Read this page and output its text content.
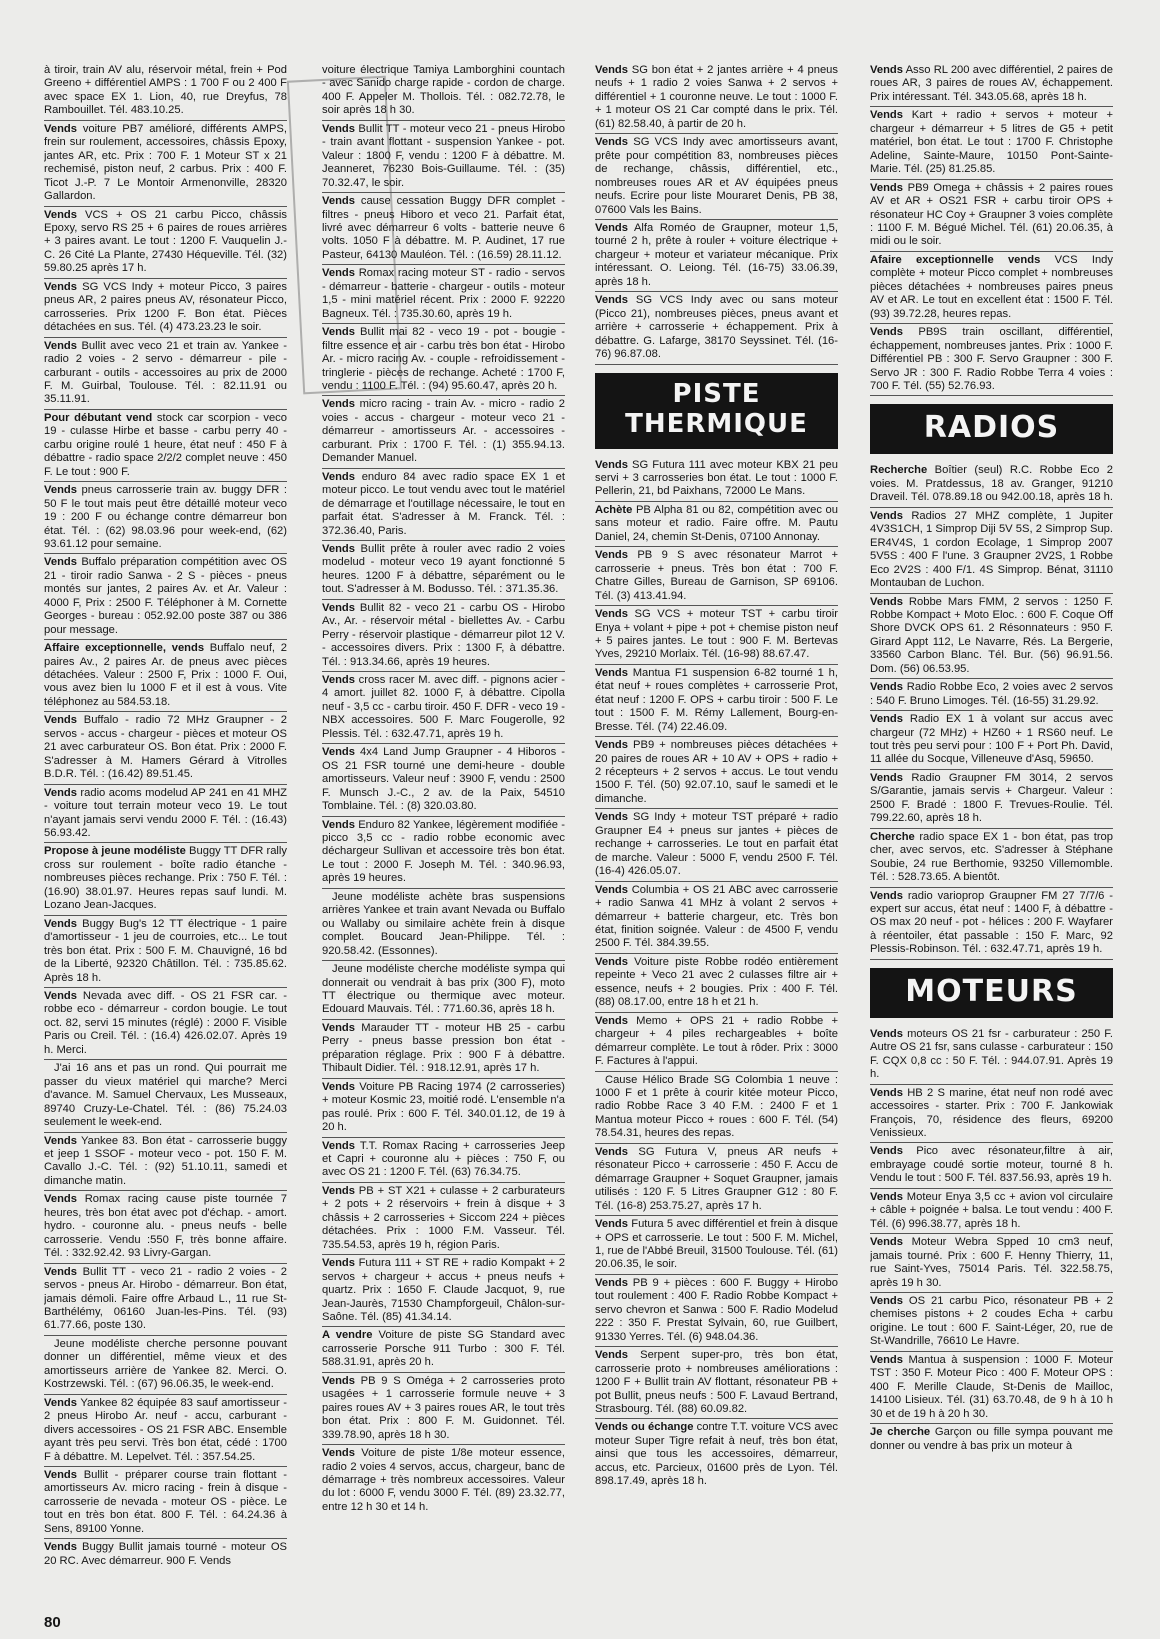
à tiroir, train AV alu, réservoir métal, frein + Pod Greeno + différentiel AMPS : 1 700 F ou 2 400 F avec space EX 1. Lion, 40, rue Dreyfus, 78 Rambouillet. Tél. 483.10.25.
Vends voiture PB7 amélioré, différents AMPS, frein sur roulement, accessoires, châssis Epoxy, jantes AR, etc. Prix : 700 F. 1 Moteur ST x 21 rechemisé, piston neuf, 2 carbus. Prix : 400 F. Ticot J.-P. 7 Le Montoir Armenonville, 28320 Gallardon.
Vends VCS + OS 21 carbu Picco, châssis Epoxy, servo RS 25 + 6 paires de roues arrières + 3 paires avant. Le tout : 1200 F. Vauquelin J.-C. 26 Cité La Plante, 27430 Héqueville. Tél. (32) 59.80.25 après 17 h.
Vends SG VCS Indy + moteur Picco, 3 paires pneus AR, 2 paires pneus AV, résonateur Picco, carrosseries. Prix 1200 F. Bon état. Pièces détachées en sus. Tél. (4) 473.23.23 le soir.
Vends Bullit avec veco 21 et train av. Yankee - radio 2 voies - 2 servo - démarreur - pile - carburant - outils - accessoires au prix de 2000 F. M. Guirbal, Toulouse. Tél. : 82.11.91 ou 35.11.91.
Pour débutant vend stock car scorpion - veco 19 - culasse Hirbe et basse - carbu perry 40 - carbu origine roulé 1 heure, état neuf : 450 F à débattre - radio space 2/2/2 complet neuve : 450 F. Le tout : 900 F.
Vends pneus carrosserie train av. buggy DFR : 50 F le tout mais peut être détaillé moteur veco 19 : 200 F ou échange contre démarreur bon état. Tél. : (62) 98.03.96 pour week-end, (62) 93.61.12 pour semaine.
Vends Buffalo préparation compétition avec OS 21 - tiroir radio Sanwa - 2 S - pièces - pneus montés sur jantes, 2 paires Av. et Ar. Valeur : 4000 F, Prix : 2500 F. Téléphoner à M. Cornette Georges - bureau : 052.92.00 poste 387 ou 386 pour message.
Affaire exceptionnelle, vends Buffalo neuf, 2 paires Av., 2 paires Ar. de pneus avec pièces détachées. Valeur : 2500 F, Prix : 1000 F. Oui, vous avez bien lu 1000 F et il est à vous. Vite téléphonez au 584.53.18.
Vends Buffalo - radio 72 MHz Graupner - 2 servos - accus - chargeur - pièces et moteur OS 21 avec carburateur OS. Bon état. Prix : 2000 F. S'adresser à M. Hamers Gérard à Vitrolles B.D.R. Tél. : (16.42) 89.51.45.
Vends radio acoms modelud AP 241 en 41 MHZ - voiture tout terrain moteur veco 19. Le tout n'ayant jamais servi vendu 2000 F. Tél. : (16.43) 56.93.42.
Propose à jeune modéliste Buggy TT DFR rally cross sur roulement - boîte radio étanche - nombreuses pièces rechange. Prix : 750 F. Tél. : (16.90) 38.01.97. Heures repas sauf lundi. M. Lozano Jean-Jacques.
Vends Buggy Bug's 12 TT électrique - 1 paire d'amortisseur - 1 jeu de courroies, etc... Le tout très bon état. Prix : 500 F. M. Chauvigné, 16 bd de la Liberté, 92320 Châtillon. Tél. : 735.85.62. Après 18 h.
Vends Nevada avec diff. - OS 21 FSR car. - robbe eco - démarreur - cordon bougie. Le tout oct. 82, servi 15 minutes (réglé) : 2000 F. Visible Paris ou Creil. Tél. : (16.4) 426.02.07. Après 19 h. Merci.
J'ai 16 ans et pas un rond. Qui pourrait me passer du vieux matériel qui marche? Merci d'avance. M. Samuel Chervaux, Les Musseaux, 89740 Cruzy-Le-Chatel. Tél. : (86) 75.24.03 seulement le week-end.
Vends Yankee 83. Bon état - carrosserie buggy et jeep 1 SSOF - moteur veco - pot. 150 F. M. Cavallo J.-C. Tél. : (92) 51.10.11, samedi et dimanche matin.
Vends Romax racing cause piste tournée 7 heures, très bon état avec pot d'échap. - amort. hydro. - couronne alu. - pneus neufs - belle carrosserie. Vendu :550 F, très bonne affaire. Tél. : 332.92.42. 93 Livry-Gargan.
Vends Bullit TT - veco 21 - radio 2 voies - 2 servos - pneus Ar. Hirobo - démarreur. Bon état, jamais démoli. Faire offre Arbaud L., 11 rue St-Barthélémy, 06160 Juan-les-Pins. Tél. (93) 61.77.66, poste 130.
Jeune modéliste cherche personne pouvant donner un différentiel, même vieux et des amortisseurs arrière de Yankee 82. Merci. O. Kostrzewski. Tél. : (67) 96.06.35, le week-end.
Vends Yankee 82 équipée 83 sauf amortisseur - 2 pneus Hirobo Ar. neuf - accu, carburant - divers accessoires - OS 21 FSR ABC. Ensemble ayant très peu servi. Très bon état, cédé : 1700 F à débattre. M. Lepelvet. Tél. : 357.54.25.
Vends Bullit - préparer course train flottant - amortisseurs Av. micro racing - frein à disque - carrosserie de nevada - moteur OS - pièce. Le tout en très bon état. 800 F. Tél. : 64.24.36 à Sens, 89100 Yonne.
Vends Buggy Bullit jamais tourné - moteur OS 20 RC. Avec démarreur. 900 F. Vends
voiture électrique Tamiya Lamborghini countach - avec Sanido charge rapide - cordon de charge. 400 F. Appeler M. Thollois. Tél. : 082.72.78, le soir après 18 h 30.
Vends Bullit TT - moteur veco 21 - pneus Hirobo - train avant flottant - suspension Yankee - pot. Valeur : 1800 F, vendu : 1200 F à débattre. M. Jeanneret, 76230 Bois-Guillaume. Tél. : (35) 70.32.47, le soir.
Vends cause cessation Buggy DFR complet - filtres - pneus Hiboro et veco 21. Parfait état, livré avec démarreur 6 volts - batterie neuve 6 volts. 1050 F à débattre. M. P. Audinet, 17 rue Pasteur, 64130 Mauléon. Tél. : (16.59) 28.11.12.
Vends Romax racing moteur ST - radio - servos - démarreur - batterie - chargeur - outils - moteur 1,5 - mini matériel récent. Prix : 2000 F. 92220 Bagneux. Tél. : 735.30.60, après 19 h.
Vends Bullit mai 82 - veco 19 - pot - bougie - filtre essence et air - carbu très bon état - Hirobo Ar. - micro racing Av. - couple - refroidissement - tringlerie - pièces de rechange. Acheté : 1700 F, vendu : 1100 F. Tél. : (94) 95.60.47, après 20 h.
Vends micro racing - train Av. - micro - radio 2 voies - accus - chargeur - moteur veco 21 - démarreur - amortisseurs Ar. - accessoires - carburant. Prix : 1700 F. Tél. : (1) 355.94.13. Demander Manuel.
Vends enduro 84 avec radio space EX 1 et moteur picco. Le tout vendu avec tout le matériel de démarrage et l'outillage nécessaire, le tout en parfait état. S'adresser à M. Franck. Tél. : 372.36.40, Paris.
Vends Bullit prête à rouler avec radio 2 voies modelud - moteur veco 19 ayant fonctionné 5 heures. 1200 F à débattre, séparément ou le tout. S'adresser à M. Bodusso. Tél. : 371.35.36.
Vends Bullit 82 - veco 21 - carbu OS - Hirobo Av., Ar. - réservoir métal - biellettes Av. - Carbu Perry - réservoir plastique - démarreur pilot 12 V. - accessoires divers. Prix : 1300 F, à débattre. Tél. : 913.34.66, après 19 heures.
Vends cross racer M. avec diff. - pignons acier - 4 amort. juillet 82. 1000 F, à débattre. Cipolla neuf - 3,5 cc - carbu tiroir. 450 F. DFR - veco 19 - NBX accessoires. 500 F. Marc Fougerolle, 92 Plessis. Tél. : 632.47.71, après 19 h.
Vends 4x4 Land Jump Graupner - 4 Hiboros - OS 21 FSR tourné une demi-heure - double amortisseurs. Valeur neuf : 3900 F, vendu : 2500 F. Munsch J.-C., 2 av. de la Paix, 54510 Tomblaine. Tél. : (8) 320.03.80.
Vends Enduro 82 Yankee, légèrement modifiée - picco 3,5 cc - radio robbe economic avec déchargeur Sullivan et accessoire très bon état. Le tout : 2000 F. Joseph M. Tél. : 340.96.93, après 19 heures.
Jeune modéliste achète bras suspensions arrières Yankee et train avant Nevada ou Buffalo ou Wallaby ou similaire achète frein à disque complet. Boucard Jean-Philippe. Tél. : 920.58.42. (Essonnes).
Jeune modéliste cherche modéliste sympa qui donnerait ou vendrait à bas prix (300 F), moto TT électrique ou thermique avec moteur. Edouard Mauvais. Tél. : 771.60.36, après 18 h.
Vends Marauder TT - moteur HB 25 - carbu Perry - pneus basse pression bon état - préparation réglage. Prix : 900 F à débattre. Thibault Didier. Tél. : 918.12.91, après 17 h.
Vends Voiture PB Racing 1974 (2 carrosseries) + moteur Kosmic 23, moitié rodé. L'ensemble n'a pas roulé. Prix : 600 F. Tél. 340.01.12, de 19 à 20 h.
Vends T.T. Romax Racing + carrosseries Jeep et Capri + couronne alu + pièces : 750 F, ou avec OS 21 : 1200 F. Tél. (63) 76.34.75.
Vends PB + ST X21 + culasse + 2 carburateurs + 2 pots + 2 réservoirs + frein à disque + 3 châssis + 2 carrosseries + Siccom 224 + pièces détachées. Prix : 1000 F.M. Vasseur. Tél. 735.54.53, après 19 h, région Paris.
Vends Futura 111 + ST RE + radio Kompakt + 2 servos + chargeur + accus + pneus neufs + quartz. Prix : 1650 F. Claude Jacquot, 9, rue Jean-Jaurès, 71530 Champforgeuil, Châlon-sur-Saône. Tél. (85) 41.34.14.
A vendre Voiture de piste SG Standard avec carrosserie Porsche 911 Turbo : 300 F. Tél. 588.31.91, après 20 h.
Vends PB 9 S Oméga + 2 carrosseries proto usagées + 1 carrosserie formule neuve + 3 paires roues AV + 3 paires roues AR, le tout très bon état. Prix : 800 F. M. Guidonnet. Tél. 339.78.90, après 18 h 30.
Vends Voiture de piste 1/8e moteur essence, radio 2 voies 4 servos, accus, chargeur, banc de démarrage + très nombreux accessoires. Valeur du lot : 6000 F, vendu 3000 F. Tél. (89) 23.32.77, entre 12 h 30 et 14 h.
Vends SG bon état + 2 jantes arrière + 4 pneus neufs + 1 radio 2 voies Sanwa + 2 servos + différentiel + 1 couronne neuve. Le tout : 1000 F. + 1 moteur OS 21 Car compté dans le prix. Tél. (61) 82.58.40, à partir de 20 h.
Vends SG VCS Indy avec amortisseurs avant, prête pour compétition 83, nombreuses pièces de rechange, châssis, différentiel, etc., nombreuses roues AR et AV équipées pneus neufs. Ecrire pour liste Mouraret Denis, PB 38, 07600 Vals les Bains.
Vends Alfa Roméo de Graupner, moteur 1,5, tourné 2 h, prête à rouler + voiture électrique + chargeur + moteur et variateur mécanique. Prix intéressant. O. Leiong. Tél. (16-75) 33.06.39, après 18 h.
Vends SG VCS Indy avec ou sans moteur (Picco 21), nombreuses pièces, pneus avant et arrière + carrosserie + échappement. Prix à débattre. G. Lafarge, 38170 Seyssinet. Tél. (16-76) 96.87.08.
PISTE
THERMIQUE
Vends SG Futura 111 avec moteur KBX 21 peu servi + 3 carrosseries bon état. Le tout : 1000 F. Pellerin, 21, bd Paixhans, 72000 Le Mans.
Achète PB Alpha 81 ou 82, compétition avec ou sans moteur et radio. Faire offre. M. Pautu Daniel, 24, chemin St-Denis, 07100 Annonay.
Vends PB 9 S avec résonateur Marrot + carrosserie + pneus. Très bon état : 700 F. Chatre Gilles, Bureau de Garnison, SP 69106. Tél. (3) 413.41.94.
Vends SG VCS + moteur TST + carbu tiroir Enya + volant + pipe + pot + chemise piston neuf + 5 paires jantes. Le tout : 900 F. M. Bertevas Yves, 29210 Morlaix. Tél. (16-98) 88.67.47.
Vends Mantua F1 suspension 6-82 tourné 1 h, état neuf + roues complètes + carrosserie Prot, état neuf : 1200 F. OPS + carbu tiroir : 500 F. Le tout : 1500 F. M. Rémy Lallement, Bourg-en-Bresse. Tél. (74) 22.46.09.
Vends PB9 + nombreuses pièces détachées + 20 paires de roues AR + 10 AV + OPS + radio + 2 récepteurs + 2 servos + accus. Le tout vendu 1500 F. Tél. (50) 92.07.10, sauf le samedi et le dimanche.
Vends SG Indy + moteur TST préparé + radio Graupner E4 + pneus sur jantes + pièces de rechange + carrosseries. Le tout en parfait état de marche. Valeur : 5000 F, vendu 2500 F. Tél. (16-4) 426.05.07.
Vends Columbia + OS 21 ABC avec carrosserie + radio Sanwa 41 MHz à volant 2 servos + démarreur + batterie chargeur, etc. Très bon état, finition soignée. Valeur : de 4500 F, vendu 2500 F. Tél. 384.39.55.
Vends Voiture piste Robbe rodéo entièrement repeinte + Veco 21 avec 2 culasses filtre air + essence, neufs + 2 bougies. Prix : 400 F. Tél. (88) 08.17.00, entre 18 h et 21 h.
Vends Memo + OPS 21 + radio Robbe + chargeur + 4 piles rechargeables + boîte démarreur complète. Le tout à rôder. Prix : 3000 F. Factures à l'appui.
Cause Hélico Brade SG Colombia 1 neuve : 1000 F et 1 prête à courir kitée moteur Picco, radio Robbe Race 3 40 F.M. : 2400 F et 1 Mantua moteur Picco + roues : 600 F. Tél. (54) 78.54.31, heures des repas.
Vends SG Futura V, pneus AR neufs + résonateur Picco + carrosserie : 450 F. Accu de démarrage Graupner + Soquet Graupner, jamais utilisés : 120 F. 5 Litres Graupner G12 : 80 F. Tél. (16-8) 253.75.27, après 17 h.
Vends Futura 5 avec différentiel et frein à disque + OPS et carrosserie. Le tout : 500 F. M. Michel, 1, rue de l'Abbé Breuil, 31500 Toulouse. Tél. (61) 20.06.35, le soir.
Vends PB 9 + pièces : 600 F. Buggy + Hirobo tout roulement : 400 F. Radio Robbe Kompact + servo chevron et Sanwa : 500 F. Radio Modelud 222 : 350 F. Prestat Sylvain, 60, rue Guilbert, 91330 Yerres. Tél. (6) 948.04.36.
Vends Serpent super-pro, très bon état, carrosserie proto + nombreuses améliorations : 1200 F + Bullit train AV flottant, résonateur PB + pot Bullit, pneus neufs : 500 F. Lavaud Bertrand, Strasbourg. Tél. (88) 60.09.82.
Vends ou échange contre T.T. voiture VCS avec moteur Super Tigre refait à neuf, très bon état, ainsi que tous les accessoires, démarreur, accus, etc. Parcieux, 01600 près de Lyon. Tél. 898.17.49, après 18 h.
Vends Asso RL 200 avec différentiel, 2 paires de roues AR, 3 paires de roues AV, échappement. Prix intéressant. Tél. 343.05.68, après 18 h.
Vends Kart + radio + servos + moteur + chargeur + démarreur + 5 litres de G5 + petit matériel, bon état. Le tout : 1700 F. Christophe Adeline, Sainte-Maure, 10150 Pont-Sainte-Marie. Tél. (25) 81.25.85.
Vends PB9 Omega + châssis + 2 paires roues AV et AR + OS21 FSR + carbu tiroir OPS + résonateur HC Coy + Graupner 3 voies complète : 1100 F. M. Bégué Michel. Tél. (61) 20.06.35, à midi ou le soir.
Afaire exceptionnelle vends VCS Indy complète + moteur Picco complet + nombreuses pièces détachées + nombreuses paires pneus AV et AR. Le tout en excellent état : 1500 F. Tél. (93) 39.72.28, heures repas.
Vends PB9S train oscillant, différentiel, échappement, nombreuses jantes. Prix : 1000 F. Différentiel PB : 300 F. Servo Graupner : 300 F. Servo JR : 300 F. Radio Robbe Terra 4 voies : 700 F. Tél. (55) 52.76.93.
RADIOS
Recherche Boîtier (seul) R.C. Robbe Eco 2 voies. M. Pratdessus, 18 av. Granger, 91210 Draveil. Tél. 078.89.18 ou 942.00.18, après 18 h.
Vends Radios 27 MHZ complète, 1 Jupiter 4V3S1CH, 1 Simprop Diji 5V 5S, 2 Simprop Sup. ER4V4S, 1 cordon Ecolage, 1 Simprop 2007 5V5S : 400 F l'une. 3 Graupner 2V2S, 1 Robbe Eco 2V2S : 400 F/1. 4S Simprop. Bénat, 31110 Montauban de Luchon.
Vends Robbe Mars FMM, 2 servos : 1250 F. Robbe Kompact + Moto Eloc. : 600 F. Coque Off Shore DVCK OPS 61. 2 Résonnateurs : 950 F. Girard Appt 112, Le Navarre, Rés. La Bergerie, 33560 Carbon Blanc. Tél. Bur. (56) 96.91.56. Dom. (56) 06.53.95.
Vends Radio Robbe Eco, 2 voies avec 2 servos : 540 F. Bruno Limoges. Tél. (16-55) 31.29.92.
Vends Radio EX 1 à volant sur accus avec chargeur (72 MHz) + HZ60 + 1 RS60 neuf. Le tout très peu servi pour : 100 F + Port Ph. David, 11 allée du Socque, Villeneuve d'Asq, 59650.
Vends Radio Graupner FM 3014, 2 servos S/Garantie, jamais servis + Chargeur. Valeur : 2500 F. Bradé : 1800 F. Trevues-Roulie. Tél. 799.22.60, après 18 h.
Cherche radio space EX 1 - bon état, pas trop cher, avec servos, etc. S'adresser à Stéphane Soubie, 24 rue Berthomie, 93250 Villemomble. Tél. : 528.73.65. A bientôt.
Vends radio varioprop Graupner FM 27 7/7/6 - expert sur accus, état neuf : 1400 F, à débattre - OS max 20 neuf - pot - hélices : 200 F. Wayfarer à réentoiler, état passable : 150 F. Marc, 92 Plessis-Robinson. Tél. : 632.47.71, après 19 h.
MOTEURS
Vends moteurs OS 21 fsr - carburateur : 250 F. Autre OS 21 fsr, sans culasse - carburateur : 150 F. CQX 0,8 cc : 50 F. Tél. : 944.07.91. Après 19 h.
Vends HB 2 S marine, état neuf non rodé avec accessoires - starter. Prix : 700 F. Jankowiak François, 70, résidence des fleurs, 69200 Venissieux.
Vends Pico avec résonateur,filtre à air, embrayage coudé sortie moteur, tourné 8 h. Vendu le tout : 500 F. Tél. 837.56.93, après 19 h.
Vends Moteur Enya 3,5 cc + avion vol circulaire + câble + poignée + balsa. Le tout vendu : 400 F. Tél. (6) 996.38.77, après 18 h.
Vends Moteur Webra Spped 10 cm3 neuf, jamais tourné. Prix : 600 F. Henny Thierry, 11, rue Saint-Yves, 75014 Paris. Tél. 322.58.75, après 19 h 30.
Vends OS 21 carbu Pico, résonateur PB + 2 chemises pistons + 2 coudes Echa + carbu origine. Le tout : 600 F. Saint-Léger, 20, rue de St-Wandrille, 76610 Le Havre.
Vends Mantua à suspension : 1000 F. Moteur TST : 350 F. Moteur Pico : 400 F. Moteur OPS : 400 F. Merille Claude, St-Denis de Mailloc, 14100 Lisieux. Tél. (31) 63.70.48, de 9 h à 10 h 30 et de 19 h à 20 h 30.
Je cherche Garçon ou fille sympa pouvant me donner ou vendre à bas prix un moteur à
80
